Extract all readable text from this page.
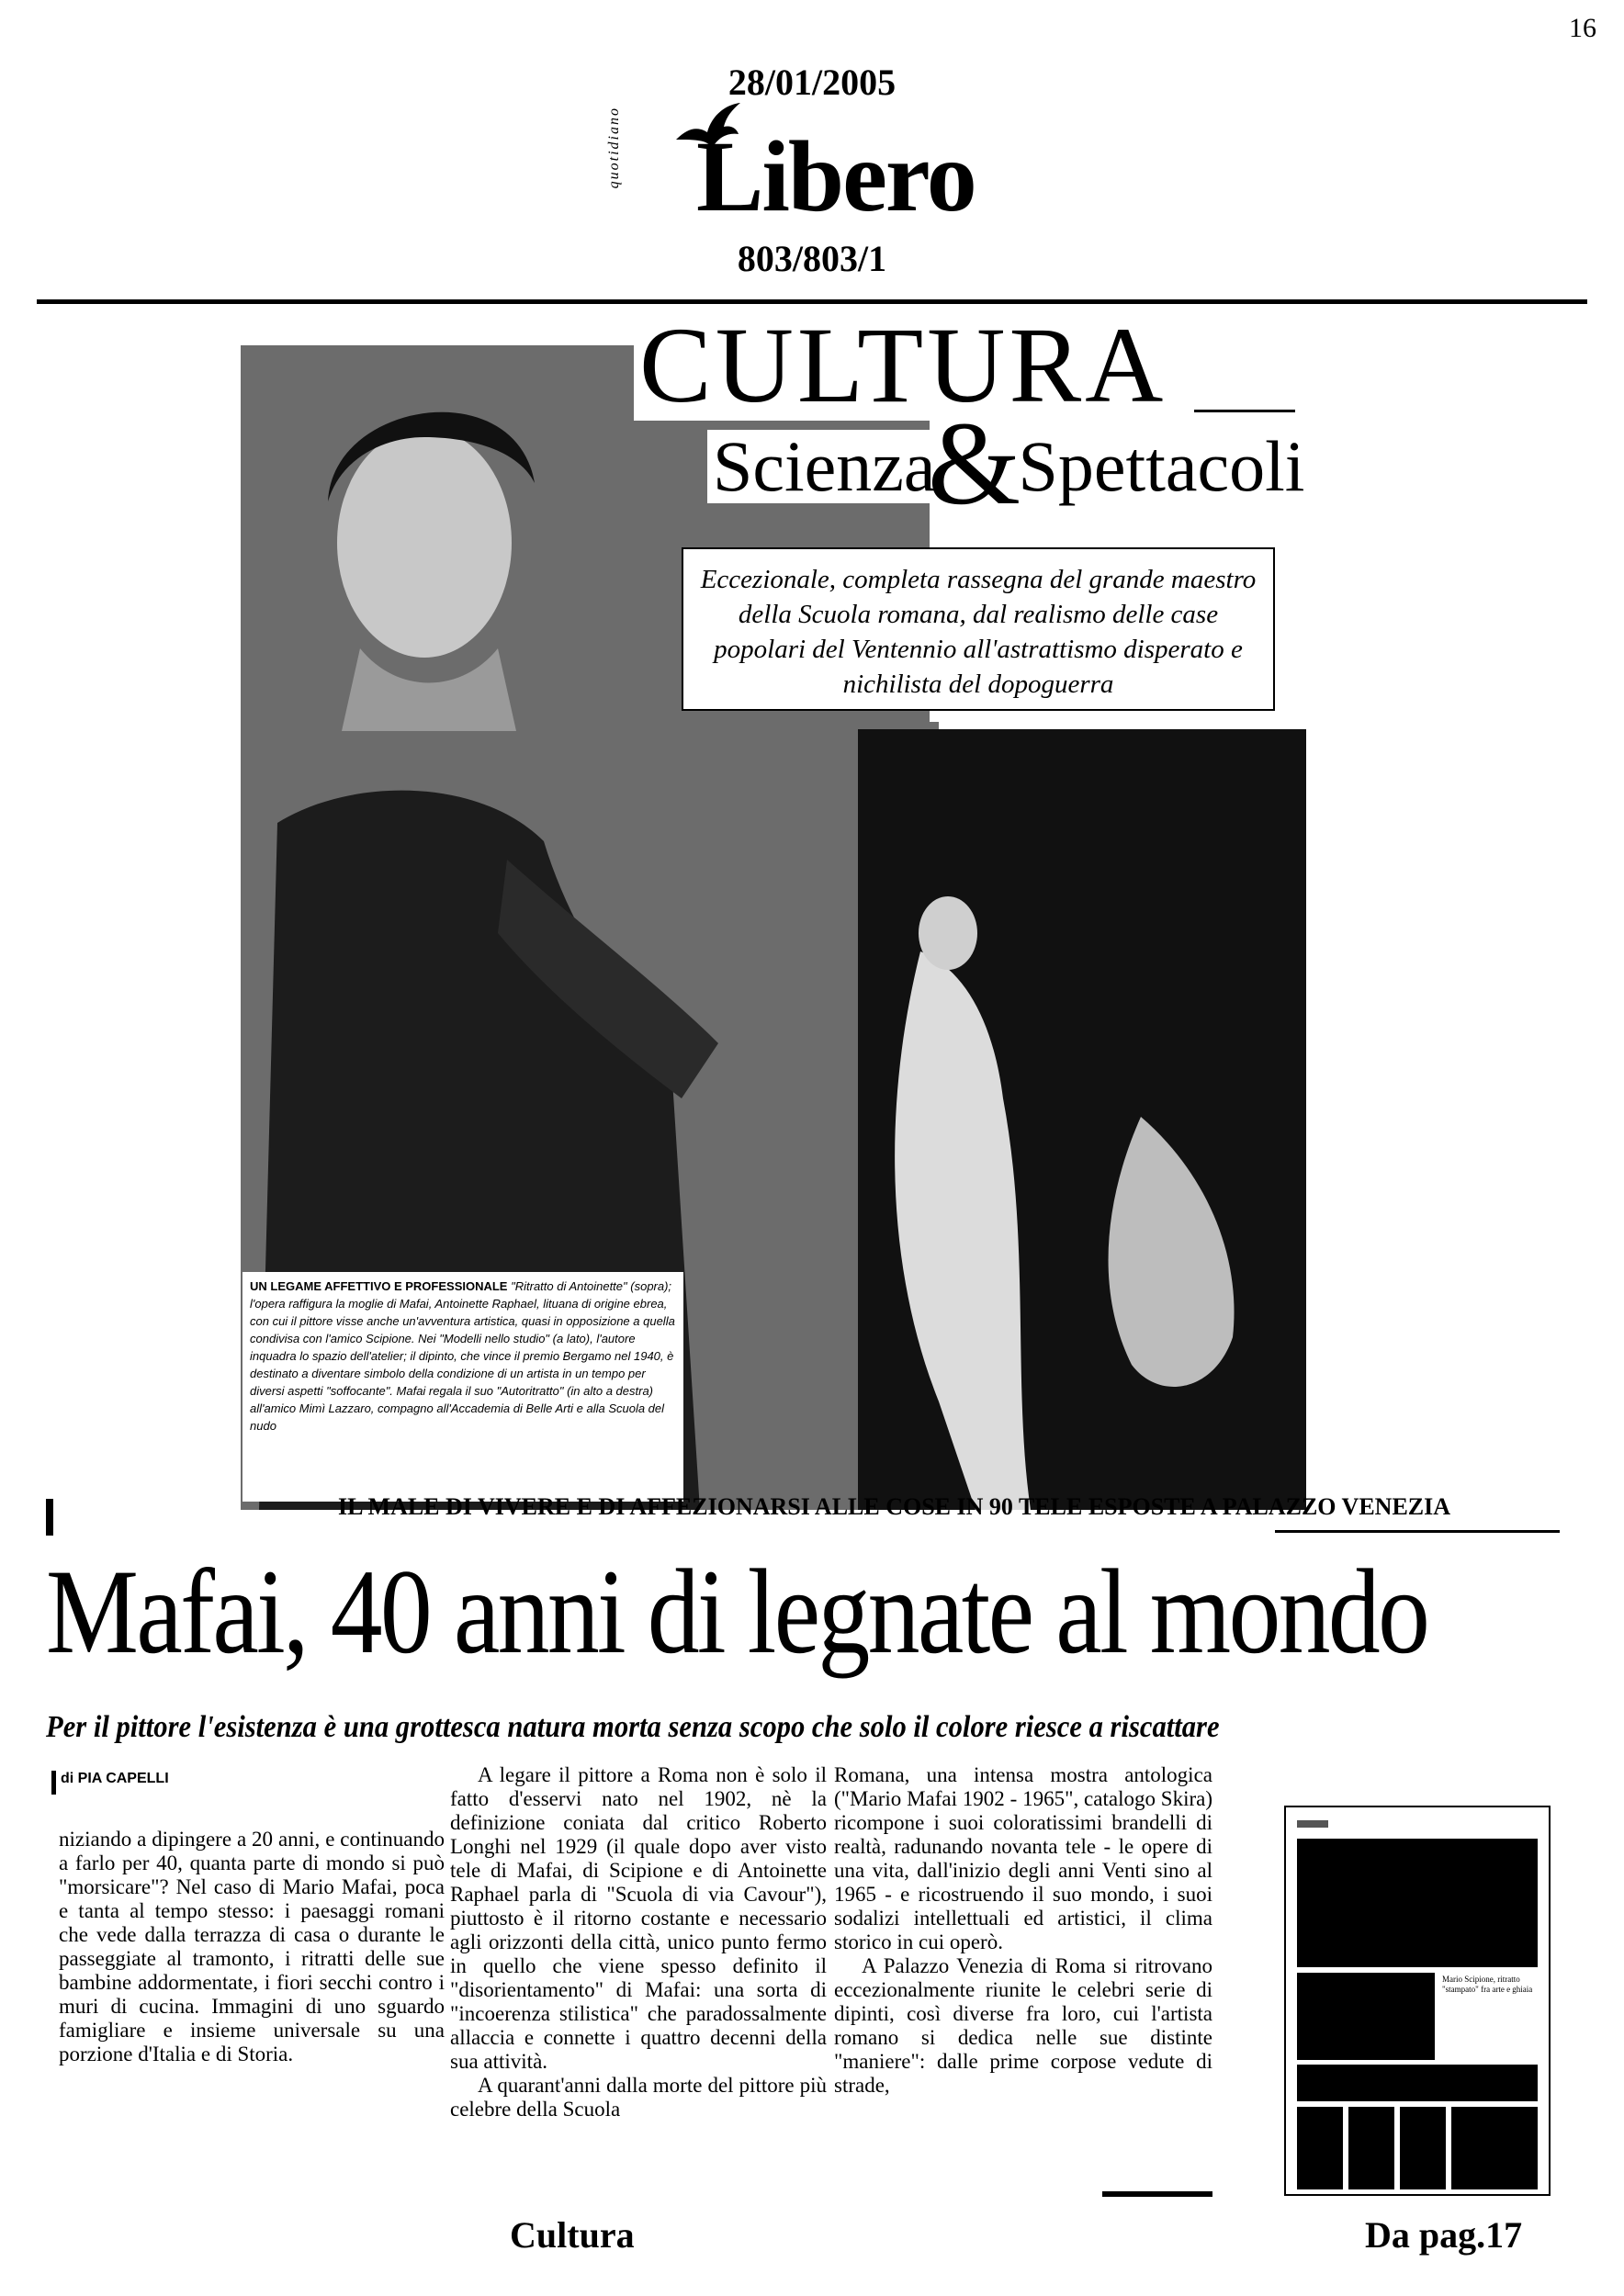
16
28/01/2005
quotidiano Libero
803/803/1
CULTURA
Scienza Spettacoli
&
Eccezionale, completa rassegna del grande maestro della Scuola romana, dal realismo delle case popolari del Ventennio all'astrattismo disperato e nichilista del dopoguerra
UN LEGAME AFFETTIVO E PROFESSIONALE "Ritratto di Antoinette" (sopra); l'opera raffigura la moglie di Mafai, Antoinette Raphael, lituana di origine ebrea, con cui il pittore visse anche un'avventura artistica, quasi in opposizione a quella condivisa con l'amico Scipione. Nei "Modelli nello studio" (a lato), l'autore inquadra lo spazio dell'atelier; il dipinto, che vince il premio Bergamo nel 1940, è destinato a diventare simbolo della condizione di un artista in un tempo per diversi aspetti "soffocante". Mafai regala il suo "Autoritratto" (in alto a destra) all'amico Mimì Lazzaro, compagno all'Accademia di Belle Arti e alla Scuola del nudo
IL MALE DI VIVERE E DI AFFEZIONARSI ALLE COSE IN 90 TELE ESPOSTE A PALAZZO VENEZIA
Mafai, 40 anni di legnate al mondo
Per il pittore l'esistenza è una grottesca natura morta senza scopo che solo il colore riesce a riscattare
di PIA CAPELLI

niziando a dipingere a 20 anni, e continuando a farlo per 40, quanta parte di mondo si può "morsicare"? Nel caso di Mario Mafai, poca e tanta al tempo stesso: i paesaggi romani che vede dalla terrazza di casa o durante le passeggiate al tramonto, i ritratti delle sue bambine addormentate, i fiori secchi contro i muri di cucina. Immagini di uno sguardo famigliare e insieme universale su una porzione d'Italia e di Storia.

A legare il pittore a Roma non è solo il fatto d'esservi nato nel 1902, nè la definizione coniata dal critico Roberto Longhi nel 1929 (il quale dopo aver visto tele di Mafai, di Scipione e di Antoinette Raphael parla di "Scuola di via Cavour"), piuttosto è il ritorno costante e necessario agli orizzonti della città, unico punto fermo in quello che viene spesso definito il "disorientamento" di Mafai: una sorta di "incoerenza stilistica" che paradossalmente allaccia e connette i quattro decenni della sua attività.

A quarant'anni dalla morte del pittore più celebre della Scuola

Romana, una intensa mostra antologica ("Mario Mafai 1902 - 1965", catalogo Skira) ricompone i suoi coloratissimi brandelli di realtà, radunando novanta tele - le opere di una vita, dall'inizio degli anni Venti sino al 1965 - e ricostruendo il suo mondo, i suoi sodalizi intellettuali ed artistici, il clima storico in cui operò.

A Palazzo Venezia di Roma si ritrovano eccezionalmente riunite le celebri serie di dipinti, così diverse fra loro, cui l'artista romano si dedica nelle sue distinte "maniere": dalle prime corpose vedute di strade,

Mario Scipione, ritratto "stampato" fra arte e ghiaia
Cultura	Da pag.17
